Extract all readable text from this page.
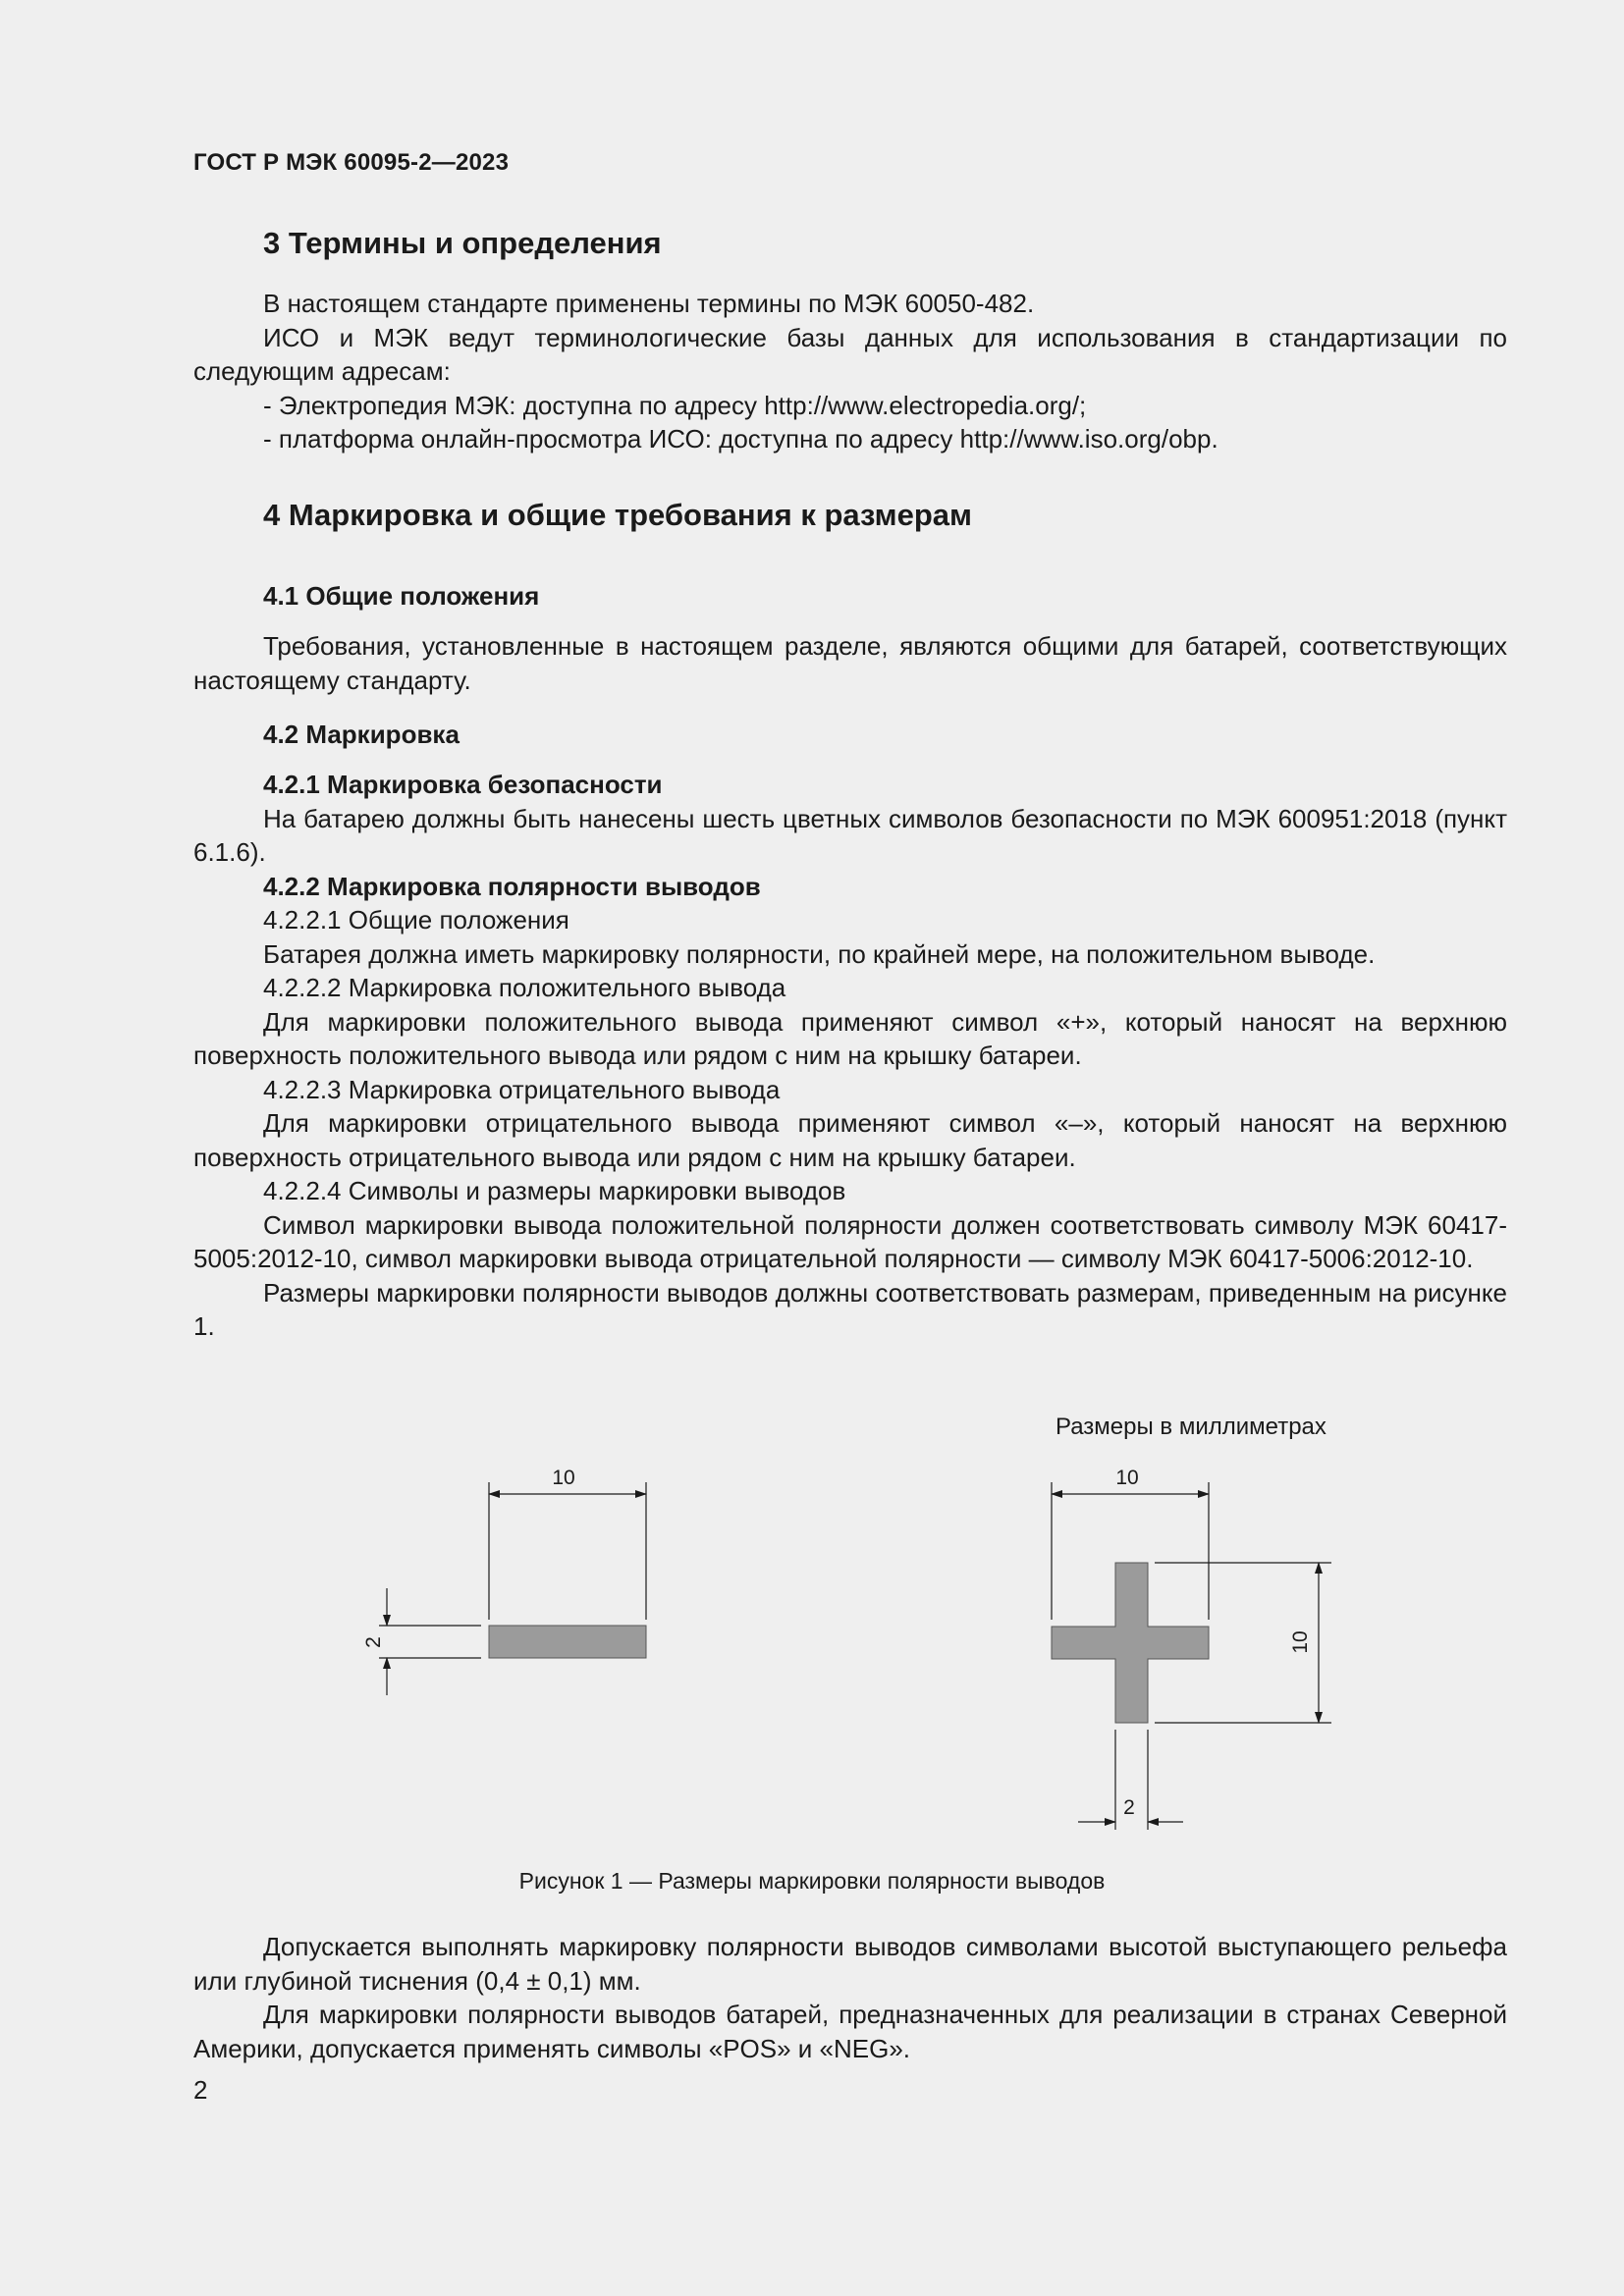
ГОСТ Р МЭК 60095-2—2023

3 Термины и определения

В настоящем стандарте применены термины по МЭК 60050-482.

ИСО и МЭК ведут терминологические базы данных для использования в стандартизации по следующим адресам:

- Электропедия МЭК: доступна по адресу http://www.electropedia.org/;

- платформа онлайн-просмотра ИСО: доступна по адресу http://www.iso.org/obp.

4 Маркировка и общие требования к размерам

4.1 Общие положения

Требования, установленные в настоящем разделе, являются общими для батарей, соответствующих настоящему стандарту.

4.2 Маркировка

4.2.1 Маркировка безопасности

На батарею должны быть нанесены шесть цветных символов безопасности по МЭК 600951:2018 (пункт 6.1.6).

4.2.2 Маркировка полярности выводов

4.2.2.1 Общие положения

Батарея должна иметь маркировку полярности, по крайней мере, на положительном выводе.

4.2.2.2 Маркировка положительного вывода

Для маркировки положительного вывода применяют символ «+», который наносят на верхнюю поверхность положительного вывода или рядом с ним на крышку батареи.

4.2.2.3 Маркировка отрицательного вывода

Для маркировки отрицательного вывода применяют символ «–», который наносят на верхнюю поверхность отрицательного вывода или рядом с ним на крышку батареи.

4.2.2.4 Символы и размеры маркировки выводов

Символ маркировки вывода положительной полярности должен соответствовать символу МЭК 60417-5005:2012-10, символ маркировки вывода отрицательной полярности — символу МЭК 60417-5006:2012-10.

Размеры маркировки полярности выводов должны соответствовать размерам, приведенным на рисунке 1.

Размеры в миллиметрах
10
2
10
10
2
Рисунок 1 — Размеры маркировки полярности выводов

Допускается выполнять маркировку полярности выводов символами высотой выступающего рельефа или глубиной тиснения (0,4 ± 0,1) мм.

Для маркировки полярности выводов батарей, предназначенных для реализации в странах Северной Америки, допускается применять символы «POS» и «NEG».

2
